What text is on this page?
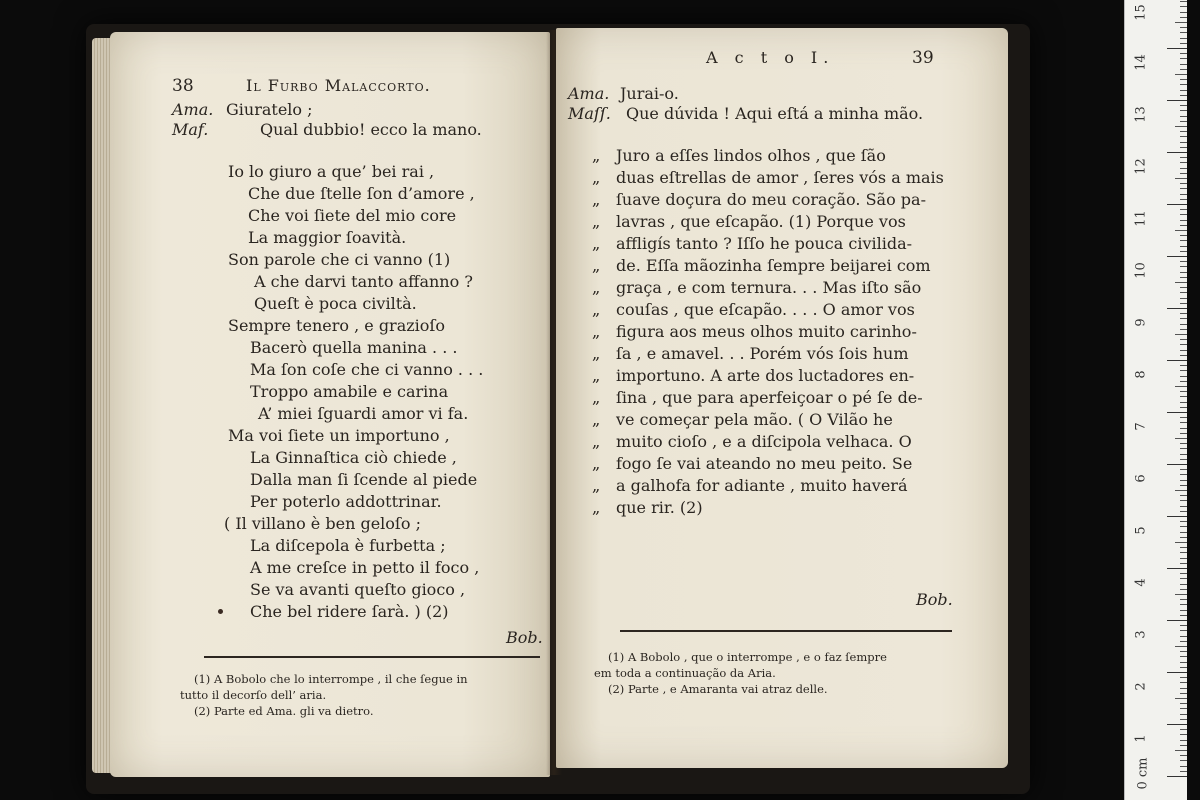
38	Il Furbo Malaccorto.
Ama. Giuratelo ;
Maf.	Qual dubbio! ecco la mano.
Io lo giuro a que’ bei rai ,
Che due ſtelle ſon d’amore ,
Che voi ſiete del mio core
La maggior ſoavità.
Son parole che ci vanno (1)
A che darvi tanto affanno ?
Queſt è poca civiltà.
Sempre tenero , e grazioſo
Bacerò quella manina . . .
Ma ſon coſe che ci vanno . . .
Troppo amabile e carina
A’ miei ſguardi amor vi fa.
Ma voi ſiete un importuno ,
La Ginnaſtica ciò chiede ,
Dalla man ſi ſcende al piede
Per poterlo addottrinar.
( Il villano è ben geloſo ;
La diſcepola è furbetta ;
A me creſce in petto il foco ,
Se va avanti queſto gioco ,
Che bel ridere ſarà. ) (2)
Bob.
(1) A Bobolo che lo interrompe , il che ſegue in
tutto il decorſo dell’ aria.
(2) Parte ed Ama. gli va dietro.
A c t o I.	39
Ama. Jurai-o.
Maſſ. Que dúvida ! Aqui eſtá a minha mão.
„ Juro a eſſes lindos olhos , que ſão
„ duas eſtrellas de amor , ſeres vós a mais
„ ſuave doçura do meu coração. São pa-
„ lavras , que eſcapão. (1) Porque vos
„ affligís tanto ? Iſſo he pouca civilida-
„ de. Eſſa mãozinha ſempre beijarei com
„ graça , e com ternura. . . Mas iſto são
„ couſas , que eſcapão. . . . O amor vos
„ figura aos meus olhos muito carinho-
„ ſa , e amavel. . . Porém vós ſois hum
„ importuno. A arte dos luctadores en-
„ ſina , que para aperfeiçoar o pé ſe de-
„ ve começar pela mão. ( O Vilão he
„ muito cioſo , e a diſcipola velhaca. O
„ fogo ſe vai ateando no meu peito. Se
„ a galhofa for adiante , muito haverá
„ que rir. (2)
Bob.
(1) A Bobolo , que o interrompe , e o faz ſempre
em toda a continuação da Aria.
(2) Parte , e Amaranta vai atraz delle.
0 cm
1
2
3
4
5
6
7
8
9
10
11
12
13
14
15
